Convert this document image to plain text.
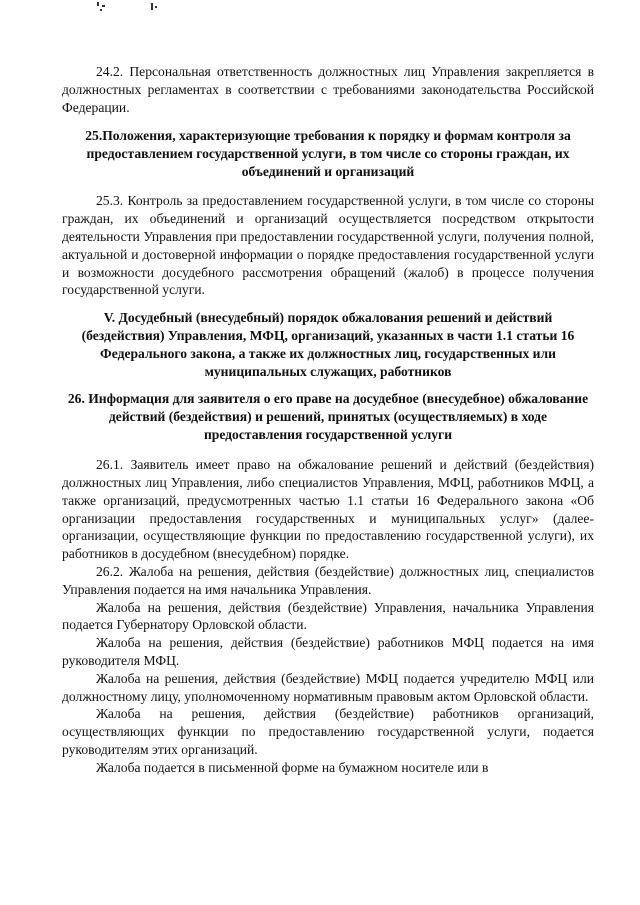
24.2. Персональная ответственность должностных лиц Управления закрепляется в должностных регламентах в соответствии с требованиями законодательства Российской Федерации.

25.Положения, характеризующие требования к порядку и формам контроля за предоставлением государственной услуги, в том числе со стороны граждан, их объединений и организаций

25.3. Контроль за предоставлением государственной услуги, в том числе со стороны граждан, их объединений и организаций осуществляется посредством открытости деятельности Управления при предоставлении государственной услуги, получения полной, актуальной и достоверной информации о порядке предоставления государственной услуги и возможности досудебного рассмотрения обращений (жалоб) в процессе получения государственной услуги.

V. Досудебный (внесудебный) порядок обжалования решений и действий (бездействия) Управления, МФЦ, организаций, указанных в части 1.1 статьи 16 Федерального закона, а также их должностных лиц, государственных или муниципальных служащих, работников
26. Информация для заявителя о его праве на досудебное (внесудебное) обжалование действий (бездействия) и решений, принятых (осуществляемых) в ходе предоставления государственной услуги

26.1. Заявитель имеет право на обжалование решений и действий (бездействия) должностных лиц Управления, либо специалистов Управления, МФЦ, работников МФЦ, а также организаций, предусмотренных частью 1.1 статьи 16 Федерального закона «Об организации предоставления государственных и муниципальных услуг» (далее-организации, осуществляющие функции по предоставлению государственной услуги), их работников в досудебном (внесудебном) порядке.

26.2. Жалоба на решения, действия (бездействие) должностных лиц, специалистов Управления подается на имя начальника Управления.

Жалоба на решения, действия (бездействие) Управления, начальника Управления подается Губернатору Орловской области.

Жалоба на решения, действия (бездействие) работников МФЦ подается на имя руководителя МФЦ.

Жалоба на решения, действия (бездействие) МФЦ подается учредителю МФЦ или должностному лицу, уполномоченному нормативным правовым актом Орловской области.

Жалоба на решения, действия (бездействие) работников организаций, осуществляющих функции по предоставлению государственной услуги, подается руководителям этих организаций.

Жалоба подается в письменной форме на бумажном носителе или в
